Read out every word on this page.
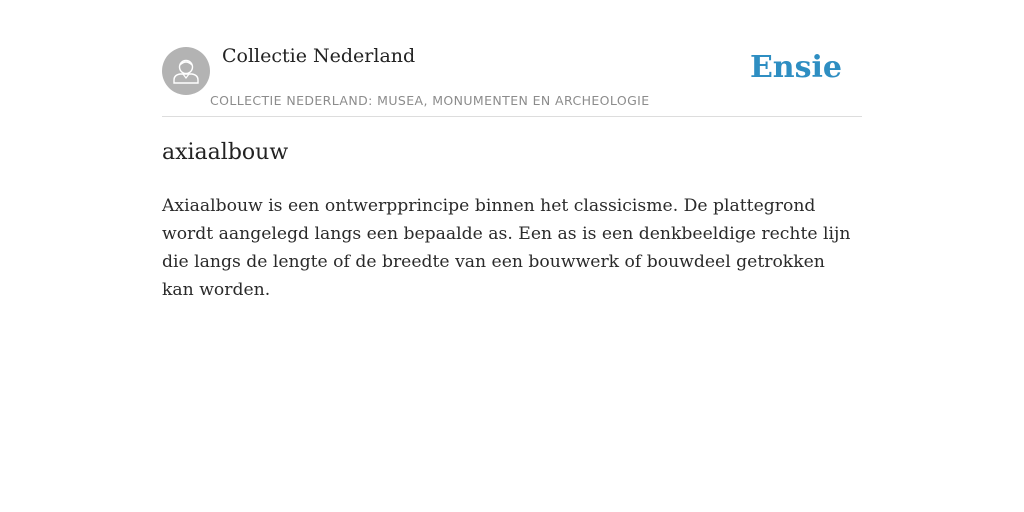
Collectie Nederland
COLLECTIE NEDERLAND: MUSEA, MONUMENTEN EN ARCHEOLOGIE
Ensie
axiaalbouw

Axiaalbouw is een ontwerpprincipe binnen het classicisme. De plattegrond wordt aangelegd langs een bepaalde as. Een as is een denkbeeldige rechte lijn die langs de lengte of de breedte van een bouwwerk of bouwdeel getrokken kan worden.
